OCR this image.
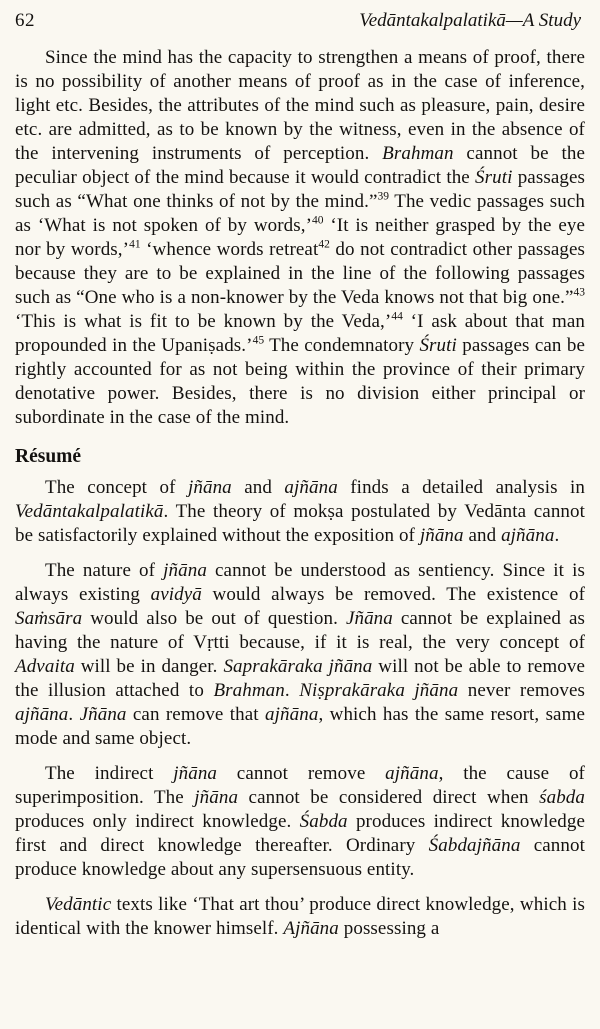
62	Vedāntakalpalatikā—A Study

Since the mind has the capacity to strengthen a means of proof, there is no possibility of another means of proof as in the case of inference, light etc. Besides, the attributes of the mind such as pleasure, pain, desire etc. are admitted, as to be known by the witness, even in the absence of the intervening instruments of perception. Brahman cannot be the peculiar object of the mind because it would contradict the Śruti passages such as “What one thinks of not by the mind.”$^{39}$ The vedic passages such as ‘What is not spoken of by words,’$^{40}$ ‘It is neither grasped by the eye nor by words,’$^{41}$ ‘whence words retreat$^{42}$ do not contradict other passages because they are to be explained in the line of the following passages such as “One who is a non-knower by the Veda knows not that big one.”$^{43}$ ‘This is what is fit to be known by the Veda,’$^{44}$ ‘I ask about that man propounded in the Upaniṣads.’$^{45}$ The condemnatory Śruti passages can be rightly accounted for as not being within the province of their primary denotative power. Besides, there is no division either principal or subordinate in the case of the mind.

Résumé

The concept of jñāna and ajñāna finds a detailed analysis in Vedāntakalpalatikā. The theory of mokṣa postulated by Vedānta cannot be satisfactorily explained without the exposition of jñāna and ajñāna.

The nature of jñāna cannot be understood as sentiency. Since it is always existing avidyā would always be removed. The existence of Saṁsāra would also be out of question. Jñāna cannot be explained as having the nature of Vṛtti because, if it is real, the very concept of Advaita will be in danger. Saprakāraka jñāna will not be able to remove the illusion attached to Brahman. Niṣprakāraka jñāna never removes ajñāna. Jñāna can remove that ajñāna, which has the same resort, same mode and same object.

The indirect jñāna cannot remove ajñāna, the cause of superimposition. The jñāna cannot be considered direct when śabda produces only indirect knowledge. Śabda produces indirect knowledge first and direct knowledge thereafter. Ordinary Śabdajñāna cannot produce knowledge about any supersensuous entity.

Vedāntic texts like ‘That art thou’ produce direct knowledge, which is identical with the knower himself. Ajñāna possessing a
